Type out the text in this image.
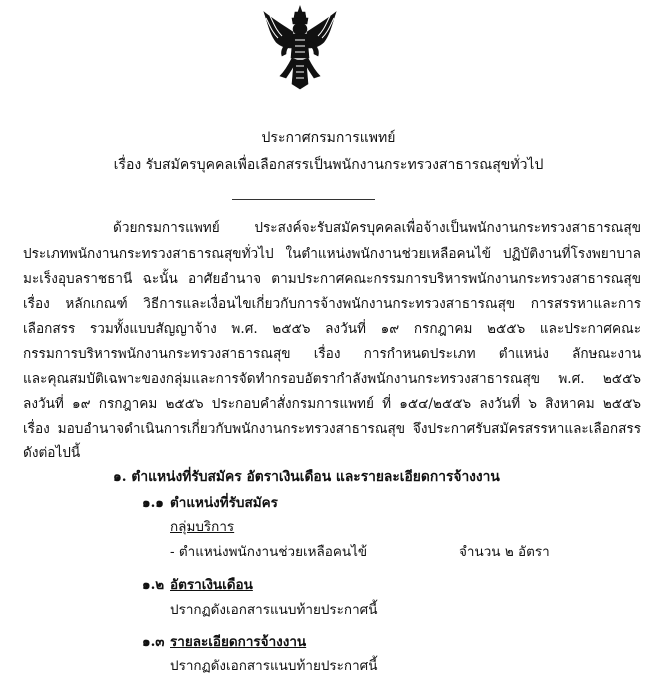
ประกาศกรมการแพทย์
เรื่อง รับสมัครบุคคลเพื่อเลือกสรรเป็นพนักงานกระทรวงสาธารณสุขทั่วไป
ด้วยกรมการแพทย์ ประสงค์จะรับสมัครบุคคลเพื่อจ้างเป็นพนักงานกระทรวงสาธารณสุข
ประเภทพนักงานกระทรวงสาธารณสุขทั่วไป ในตำแหน่งพนักงานช่วยเหลือคนไข้ ปฏิบัติงานที่โรงพยาบาล
มะเร็งอุบลราชธานี ฉะนั้น อาศัยอำนาจ ตามประกาศคณะกรรมการบริหารพนักงานกระทรวงสาธารณสุข
เรื่อง หลักเกณฑ์ วิธีการและเงื่อนไขเกี่ยวกับการจ้างพนักงานกระทรวงสาธารณสุข การสรรหาและการ
เลือกสรร รวมทั้งแบบสัญญาจ้าง พ.ศ. ๒๕๕๖ ลงวันที่ ๑๙ กรกฎาคม ๒๕๕๖ และประกาศคณะ
กรรมการบริหารพนักงานกระทรวงสาธารณสุข เรื่อง การกำหนดประเภท ตำแหน่ง ลักษณะงาน
และคุณสมบัติเฉพาะของกลุ่มและการจัดทำกรอบอัตรากำลังพนักงานกระทรวงสาธารณสุข พ.ศ. ๒๕๕๖
ลงวันที่ ๑๙ กรกฎาคม ๒๕๕๖ ประกอบคำสั่งกรมการแพทย์ ที่ ๑๕๔/๒๕๕๖ ลงวันที่ ๖ สิงหาคม ๒๕๕๖
เรื่อง มอบอำนาจดำเนินการเกี่ยวกับพนักงานกระทรวงสาธารณสุข จึงประกาศรับสมัครสรรหาและเลือกสรร
ดังต่อไปนี้
๑. ตำแหน่งที่รับสมัคร อัตราเงินเดือน และรายละเอียดการจ้างงาน
๑.๑ ตำแหน่งที่รับสมัคร
กลุ่มบริการ
- ตำแหน่งพนักงานช่วยเหลือคนไข้	จำนวน ๒ อัตรา
๑.๒ อัตราเงินเดือน
ปรากฏดังเอกสารแนบท้ายประกาศนี้
๑.๓ รายละเอียดการจ้างงาน
ปรากฏดังเอกสารแนบท้ายประกาศนี้
